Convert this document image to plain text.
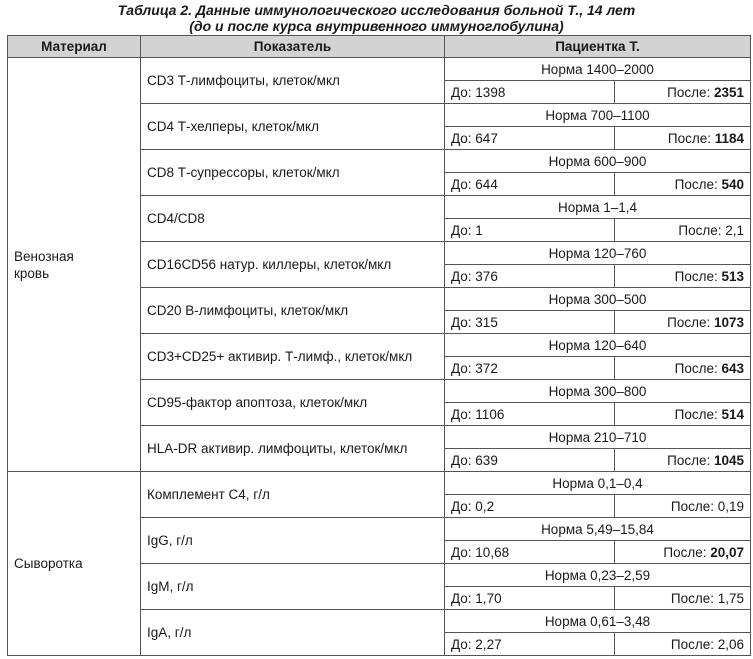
Таблица 2. Данные иммунологического исследования больной Т., 14 лет
(до и после курса внутривенного иммуноглобулина)
Материал	Показатель	Пациентка Т.	

Венозная
кровь	CD3 Т-лимфоциты, клеток/мкл	Норма 1400–2000	
		До: 1398	После: 2351
	CD4 Т-хелперы, клеток/мкл	Норма 700–1100	
		До: 647	После: 1184
	CD8 Т-супрессоры, клеток/мкл	Норма 600–900	
		До: 644	После: 540
	CD4/CD8	Норма 1–1,4	
		До: 1	После: 2,1
	CD16CD56 натур. киллеры, клеток/мкл	Норма 120–760	
		До: 376	После: 513
	CD20 В-лимфоциты, клеток/мкл	Норма 300–500	
		До: 315	После: 1073
	CD3+CD25+ активир. Т-лимф., клеток/мкл	Норма 120–640	
		До: 372	После: 643
	CD95-фактор апоптоза, клеток/мкл	Норма 300–800	
		До: 1106	После: 514
	HLA-DR активир. лимфоциты, клеток/мкл	Норма 210–710	
		До: 639	После: 1045

Сыворотка	Комплемент С4, г/л	Норма 0,1–0,4	
		До: 0,2	После: 0,19
	IgG, г/л	Норма 5,49–15,84	
		До: 10,68	После: 20,07
	IgM, г/л	Норма 0,23–2,59	
		До: 1,70	После: 1,75
	IgA, г/л	Норма 0,61–3,48	
		До: 2,27	После: 2,06
